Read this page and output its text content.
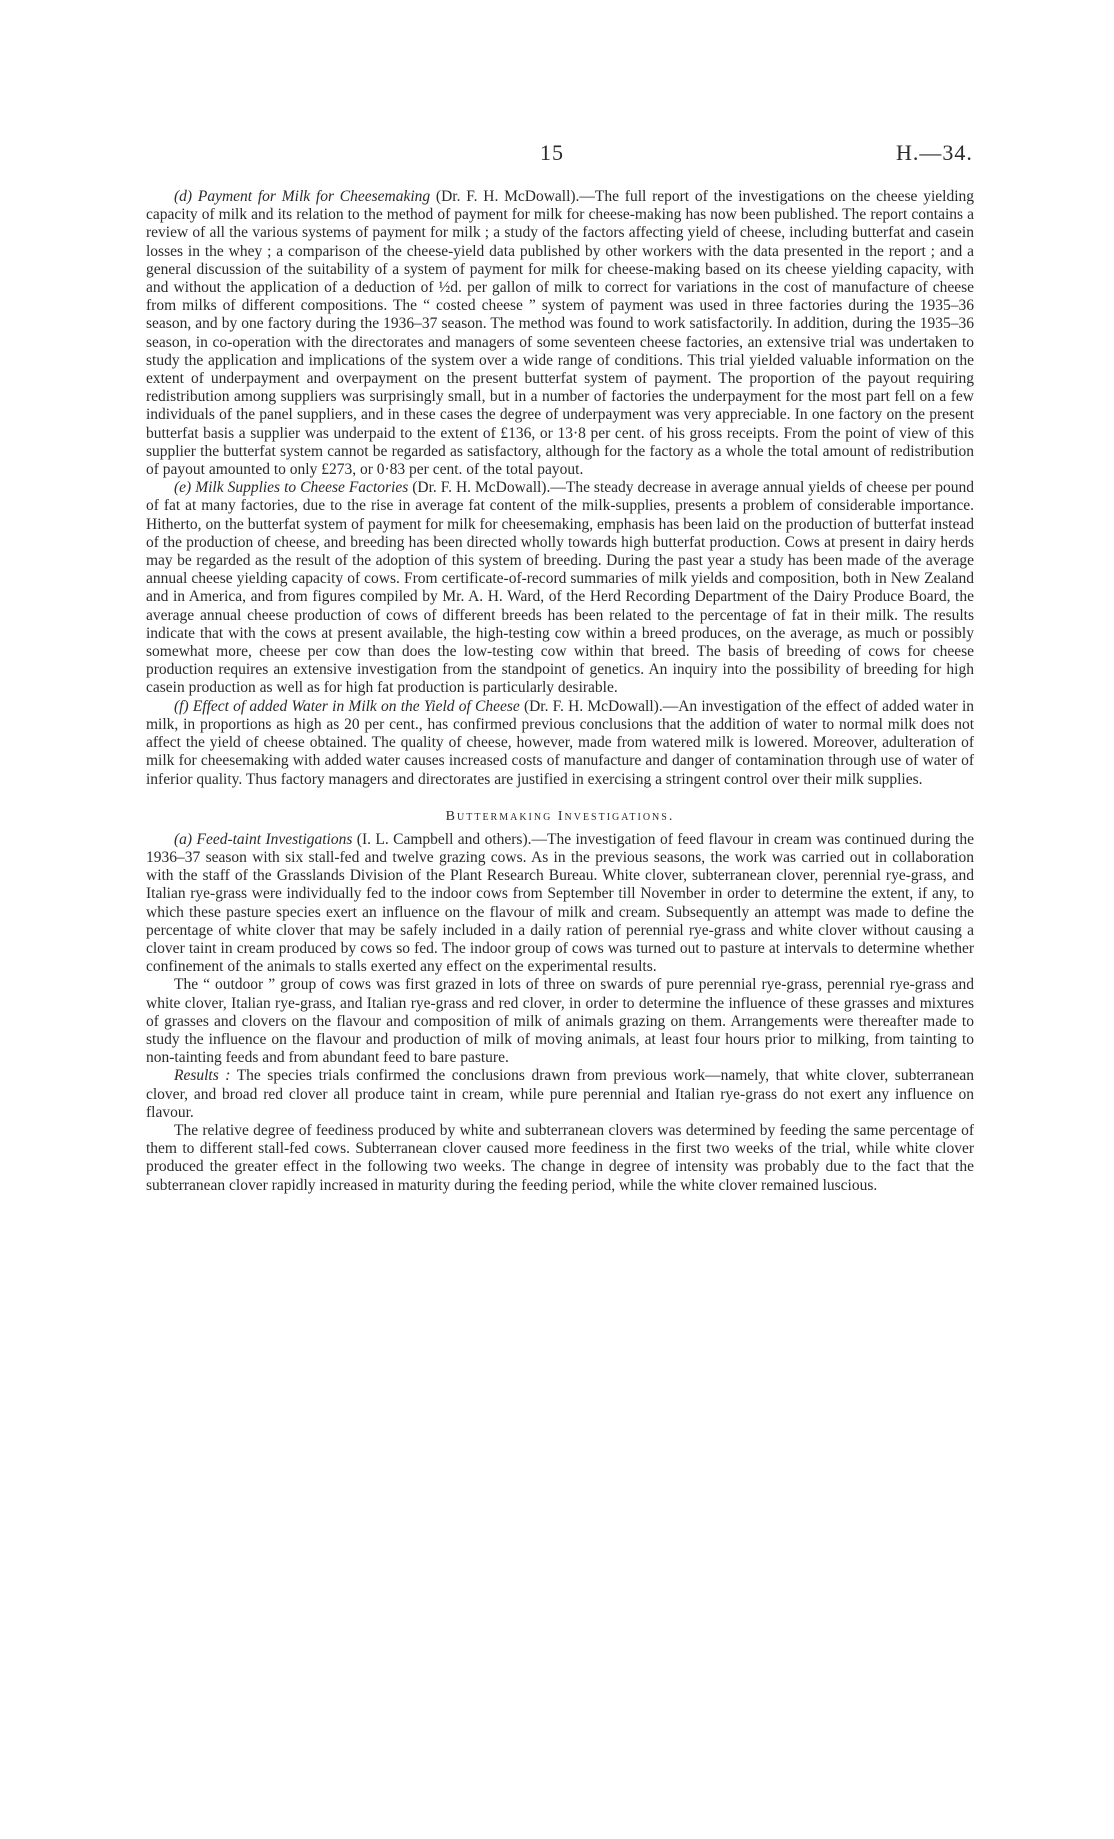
15	H.—34.

(d) Payment for Milk for Cheesemaking (Dr. F. H. McDowall).—The full report of the investigations on the cheese yielding capacity of milk and its relation to the method of payment for milk for cheese-making has now been published. The report contains a review of all the various systems of payment for milk ; a study of the factors affecting yield of cheese, including butterfat and casein losses in the whey ; a comparison of the cheese-yield data published by other workers with the data presented in the report ; and a general discussion of the suitability of a system of payment for milk for cheese-making based on its cheese yielding capacity, with and without the application of a deduction of ½d. per gallon of milk to correct for variations in the cost of manufacture of cheese from milks of different compositions. The “ costed cheese ” system of payment was used in three factories during the 1935–36 season, and by one factory during the 1936–37 season. The method was found to work satisfactorily. In addition, during the 1935–36 season, in co-operation with the directorates and managers of some seventeen cheese factories, an extensive trial was undertaken to study the application and implications of the system over a wide range of conditions. This trial yielded valuable information on the extent of underpayment and overpayment on the present butterfat system of payment. The proportion of the payout requiring redistribution among suppliers was surprisingly small, but in a number of factories the underpayment for the most part fell on a few individuals of the panel suppliers, and in these cases the degree of underpayment was very appreciable. In one factory on the present butterfat basis a supplier was underpaid to the extent of £136, or 13·8 per cent. of his gross receipts. From the point of view of this supplier the butterfat system cannot be regarded as satisfactory, although for the factory as a whole the total amount of redistribution of payout amounted to only £273, or 0·83 per cent. of the total payout.

(e) Milk Supplies to Cheese Factories (Dr. F. H. McDowall).—The steady decrease in average annual yields of cheese per pound of fat at many factories, due to the rise in average fat content of the milk-supplies, presents a problem of considerable importance. Hitherto, on the butterfat system of payment for milk for cheesemaking, emphasis has been laid on the production of butterfat instead of the production of cheese, and breeding has been directed wholly towards high butterfat production. Cows at present in dairy herds may be regarded as the result of the adoption of this system of breeding. During the past year a study has been made of the average annual cheese yielding capacity of cows. From certificate-of-record summaries of milk yields and composition, both in New Zealand and in America, and from figures compiled by Mr. A. H. Ward, of the Herd Recording Department of the Dairy Produce Board, the average annual cheese production of cows of different breeds has been related to the percentage of fat in their milk. The results indicate that with the cows at present available, the high-testing cow within a breed produces, on the average, as much or possibly somewhat more, cheese per cow than does the low-testing cow within that breed. The basis of breeding of cows for cheese production requires an extensive investigation from the standpoint of genetics. An inquiry into the possibility of breeding for high casein production as well as for high fat production is particularly desirable.

(f) Effect of added Water in Milk on the Yield of Cheese (Dr. F. H. McDowall).—An investigation of the effect of added water in milk, in proportions as high as 20 per cent., has confirmed previous conclusions that the addition of water to normal milk does not affect the yield of cheese obtained. The quality of cheese, however, made from watered milk is lowered. Moreover, adulteration of milk for cheesemaking with added water causes increased costs of manufacture and danger of contamination through use of water of inferior quality. Thus factory managers and directorates are justified in exercising a stringent control over their milk supplies.

Buttermaking Investigations.

(a) Feed-taint Investigations (I. L. Campbell and others).—The investigation of feed flavour in cream was continued during the 1936–37 season with six stall-fed and twelve grazing cows. As in the previous seasons, the work was carried out in collaboration with the staff of the Grasslands Division of the Plant Research Bureau. White clover, subterranean clover, perennial rye-grass, and Italian rye-grass were individually fed to the indoor cows from September till November in order to determine the extent, if any, to which these pasture species exert an influence on the flavour of milk and cream. Subsequently an attempt was made to define the percentage of white clover that may be safely included in a daily ration of perennial rye-grass and white clover without causing a clover taint in cream produced by cows so fed. The indoor group of cows was turned out to pasture at intervals to determine whether confinement of the animals to stalls exerted any effect on the experimental results.

The “ outdoor ” group of cows was first grazed in lots of three on swards of pure perennial rye-grass, perennial rye-grass and white clover, Italian rye-grass, and Italian rye-grass and red clover, in order to determine the influence of these grasses and mixtures of grasses and clovers on the flavour and composition of milk of animals grazing on them. Arrangements were thereafter made to study the influence on the flavour and production of milk of moving animals, at least four hours prior to milking, from tainting to non-tainting feeds and from abundant feed to bare pasture.

Results : The species trials confirmed the conclusions drawn from previous work—namely, that white clover, subterranean clover, and broad red clover all produce taint in cream, while pure perennial and Italian rye-grass do not exert any influence on flavour.

The relative degree of feediness produced by white and subterranean clovers was determined by feeding the same percentage of them to different stall-fed cows. Subterranean clover caused more feediness in the first two weeks of the trial, while white clover produced the greater effect in the following two weeks. The change in degree of intensity was probably due to the fact that the subterranean clover rapidly increased in maturity during the feeding period, while the white clover remained luscious.
